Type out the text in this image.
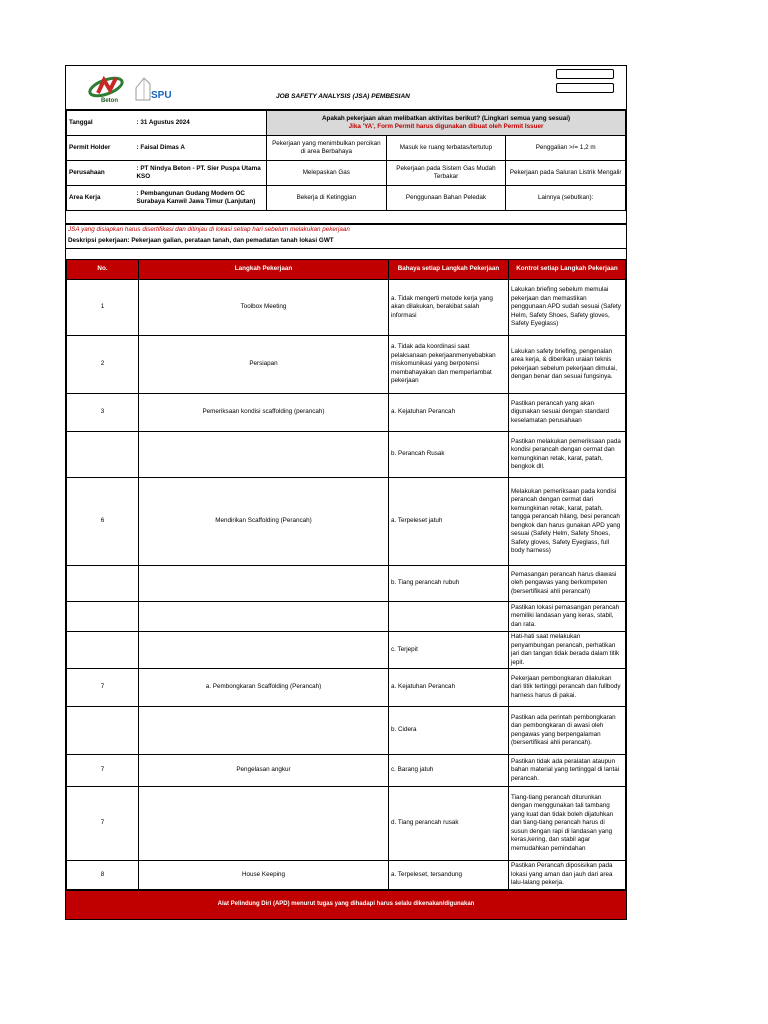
Beton	SPU	JOB SAFETY ANALYSIS (JSA) PEMBESIAN
Tanggal	: 31 Agustus 2024	Apakah pekerjaan akan melibatkan aktivitas berikut? (Lingkari semua yang sesuai)
Jika 'YA', Form Permit harus digunakan dibuat oleh Permit Issuer		

Permit Holder	: Faisal Dimas A	Pekerjaan yang menimbulkan percikan di area Berbahaya	Masuk ke ruang terbatas/tertutup	Penggalian >/= 1,2 m
Perusahaan	: PT Nindya Beton - PT. Sier Puspa Utama KSO	Melepaskan Gas	Pekerjaan pada Sistem Gas Mudah Terbakar	Pekerjaan pada Saluran Listrik Mengalir
Area Kerja	: Pembangunan Gudang Modern OC Surabaya Kanwil Jawa Timur (Lanjutan)	Bekerja di Ketinggian	Penggunaan Bahan Peledak	Lainnya (sebutkan):
JSA yang disiapkan harus disertifikasi dan ditinjau di lokasi setiap hari sebelum melakukan pekerjaan
Deskripsi pekerjaan: Pekerjaan galian, perataan tanah, dan pemadatan tanah lokasi GWT
No.	Langkah Pekerjaan	Bahaya setiap Langkah Pekerjaan	Kontrol setiap Langkah Pekerjaan
1	Toolbox Meeting	a. Tidak mengerti metode kerja yang akan dilakukan, berakibat salah informasi	Lakukan briefing sebelum memulai pekerjaan dan memastikan penggunaan APD sudah sesuai (Safety Helm, Safety Shoes, Safety gloves, Safety Eyeglass)
2	Persiapan	a. Tidak ada koordinasi saat pelaksanaan pekerjaanmenyebabkan miskomunikasi yang berpotensi membahayakan dan memperlambat pekerjaan	Lakukan safety briefing, pengenalan area kerja, & diberikan uraian teknis pekerjaan sebelum pekerjaan dimulai, dengan benar dan sesuai fungsinya.
3	Pemeriksaan kondisi scaffolding (perancah)	a. Kejatuhan Perancah	Pastikan perancah yang akan digunakan sesuai dengan standard keselamatan perusahaan
		b. Perancah Rusak	Pastikan melakukan pemeriksaan pada kondisi perancah dengan cermat dan kemungkinan retak, karat, patah, bengkok dll.
6	Mendirikan Scaffolding (Perancah)	a. Terpeleset jatuh	Melakukan pemeriksaan pada kondisi perancah dengan cermat dari kemungkinan retak, karat, patah, tangga perancah hilang, besi perancah bengkok dan harus gunakan APD yang sesuai (Safety Helm, Safety Shoes, Safety gloves, Safety Eyeglass, full body harness)
		b. Tiang perancah rubuh	Pemasangan perancah harus diawasi oleh pengawas yang berkompeten (bersertifikasi ahli perancah)
			Pastikan lokasi pemasangan perancah memiliki landasan yang keras, stabil, dan rata.
		c. Terjepit	Hati-hati saat melakukan penyambungan perancah, perhatikan jari dan tangan tidak berada dalam titik jepit.
7	a. Pembongkaran Scaffolding (Perancah)	a. Kejatuhan Perancah	Pekerjaan pembongkaran dilakukan dari titik tertinggi perancah dan fullbody harness harus di pakai.
		b. Cidera	Pastikan ada perintah pembongkaran dan pembongkaran di awasi oleh pengawas yang berpengalaman (bersertifikasi ahli perancah).
7	Pengelasan angkur	c. Barang jatuh	Pastikan tidak ada peralatan ataupun bahan material yang tertinggal di lantai perancah.
7		d. Tiang perancah rusak	Tiang-tiang perancah diturunkan dengan menggunakan tali tambang yang kuat dan tidak boleh dijatuhkan dan tiang-tiang perancah harus di susun dengan rapi di landasan yang keras,kering, dan stabil agar memudahkan pemindahan
8	House Keeping	a. Terpeleset, tersandung	Pastikan Perancah diposisikan pada lokasi yang aman dan jauh dari area lalu-lalang pekerja.
Alat Pelindung Diri (APD) menurut tugas yang dihadapi harus selalu dikenakan/digunakan
